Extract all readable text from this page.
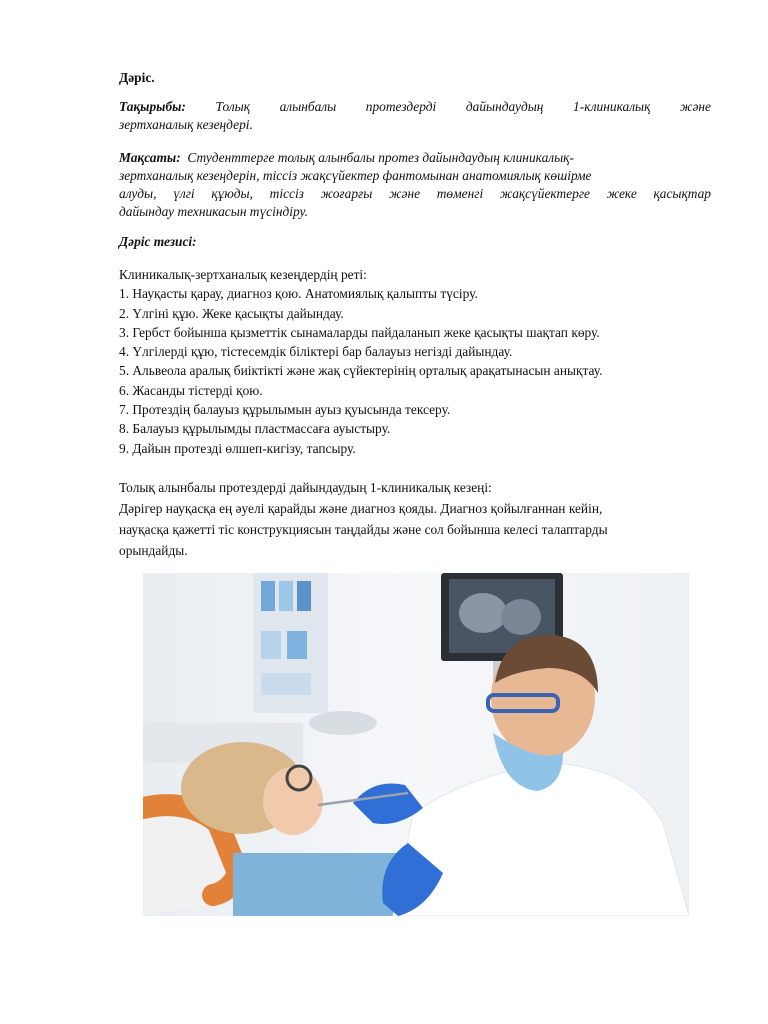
Дәріс.
Тақырыбы: Толық алынбалы протездерді дайындаудың 1-клиникалық және
зертханалық кезеңдері.
Мақсаты: Студенттерге толық алынбалы протез дайындаудың клиникалық-
зертханалық кезеңдерін, тіссіз жақсүйектер фантомынан анатомиялық көшірме
алуды, үлгі құюды, тіссіз жоғарғы және төменгі жақсүйектерге жеке қасықтар
дайындау техникасын түсіндіру.
Дәріс тезисі:
Клиникалық-зертханалық кезеңдердің реті:
1. Науқасты қарау, диагноз қою. Анатомиялық қалыпты түсіру.
2. Үлгіні құю. Жеке қасықты дайындау.
3. Гербст бойынша қызметтік сынамаларды пайдаланып жеке қасықты шақтап көру.
4. Үлгілерді құю, тістесемдік біліктері бар балауыз негізді дайындау.
5. Альвеола аралық биіктікті және жақ сүйектерінің орталық арақатынасын анықтау.
6. Жасанды тістерді қою.
7. Протездің балауыз құрылымын ауыз қуысында тексеру.
8. Балауыз құрылымды пластмассаға ауыстыру.
9. Дайын протезді өлшеп-кигізу, тапсыру.
Толық алынбалы протездерді дайындаудың 1-клиникалық кезеңі:
Дәрігер науқасқа ең әуелі қарайды және диагноз қояды. Диагноз қойылғаннан кейін,
науқасқа қажетті тіс конструкциясын таңдайды және сол бойынша келесі талаптарды
орындайды.
